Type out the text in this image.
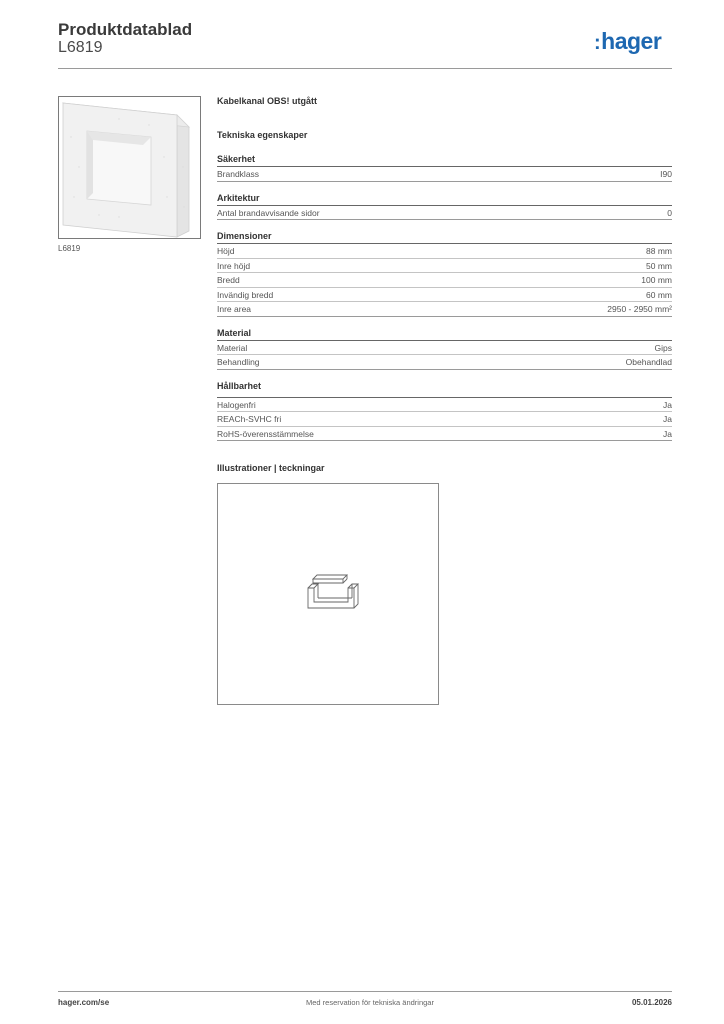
Produktdatablad
L6819	:hager
L6819
Kabelkanal OBS! utgått
Tekniska egenskaper
Säkerhet
Brandklass	I90
Arkitektur
Antal brandavvisande sidor	0
Dimensioner
Höjd	88 mm
Inre höjd	50 mm
Bredd	100 mm
Invändig bredd	60 mm
Inre area	2950 - 2950 mm²
Material
Material	Gips
Behandling	Obehandlad
Hållbarhet
Halogenfri	Ja
REACh-SVHC fri	Ja
RoHS-överensstämmelse	Ja
Illustrationer | teckningar
hager.com/se	Med reservation för tekniska ändringar	05.01.2026
